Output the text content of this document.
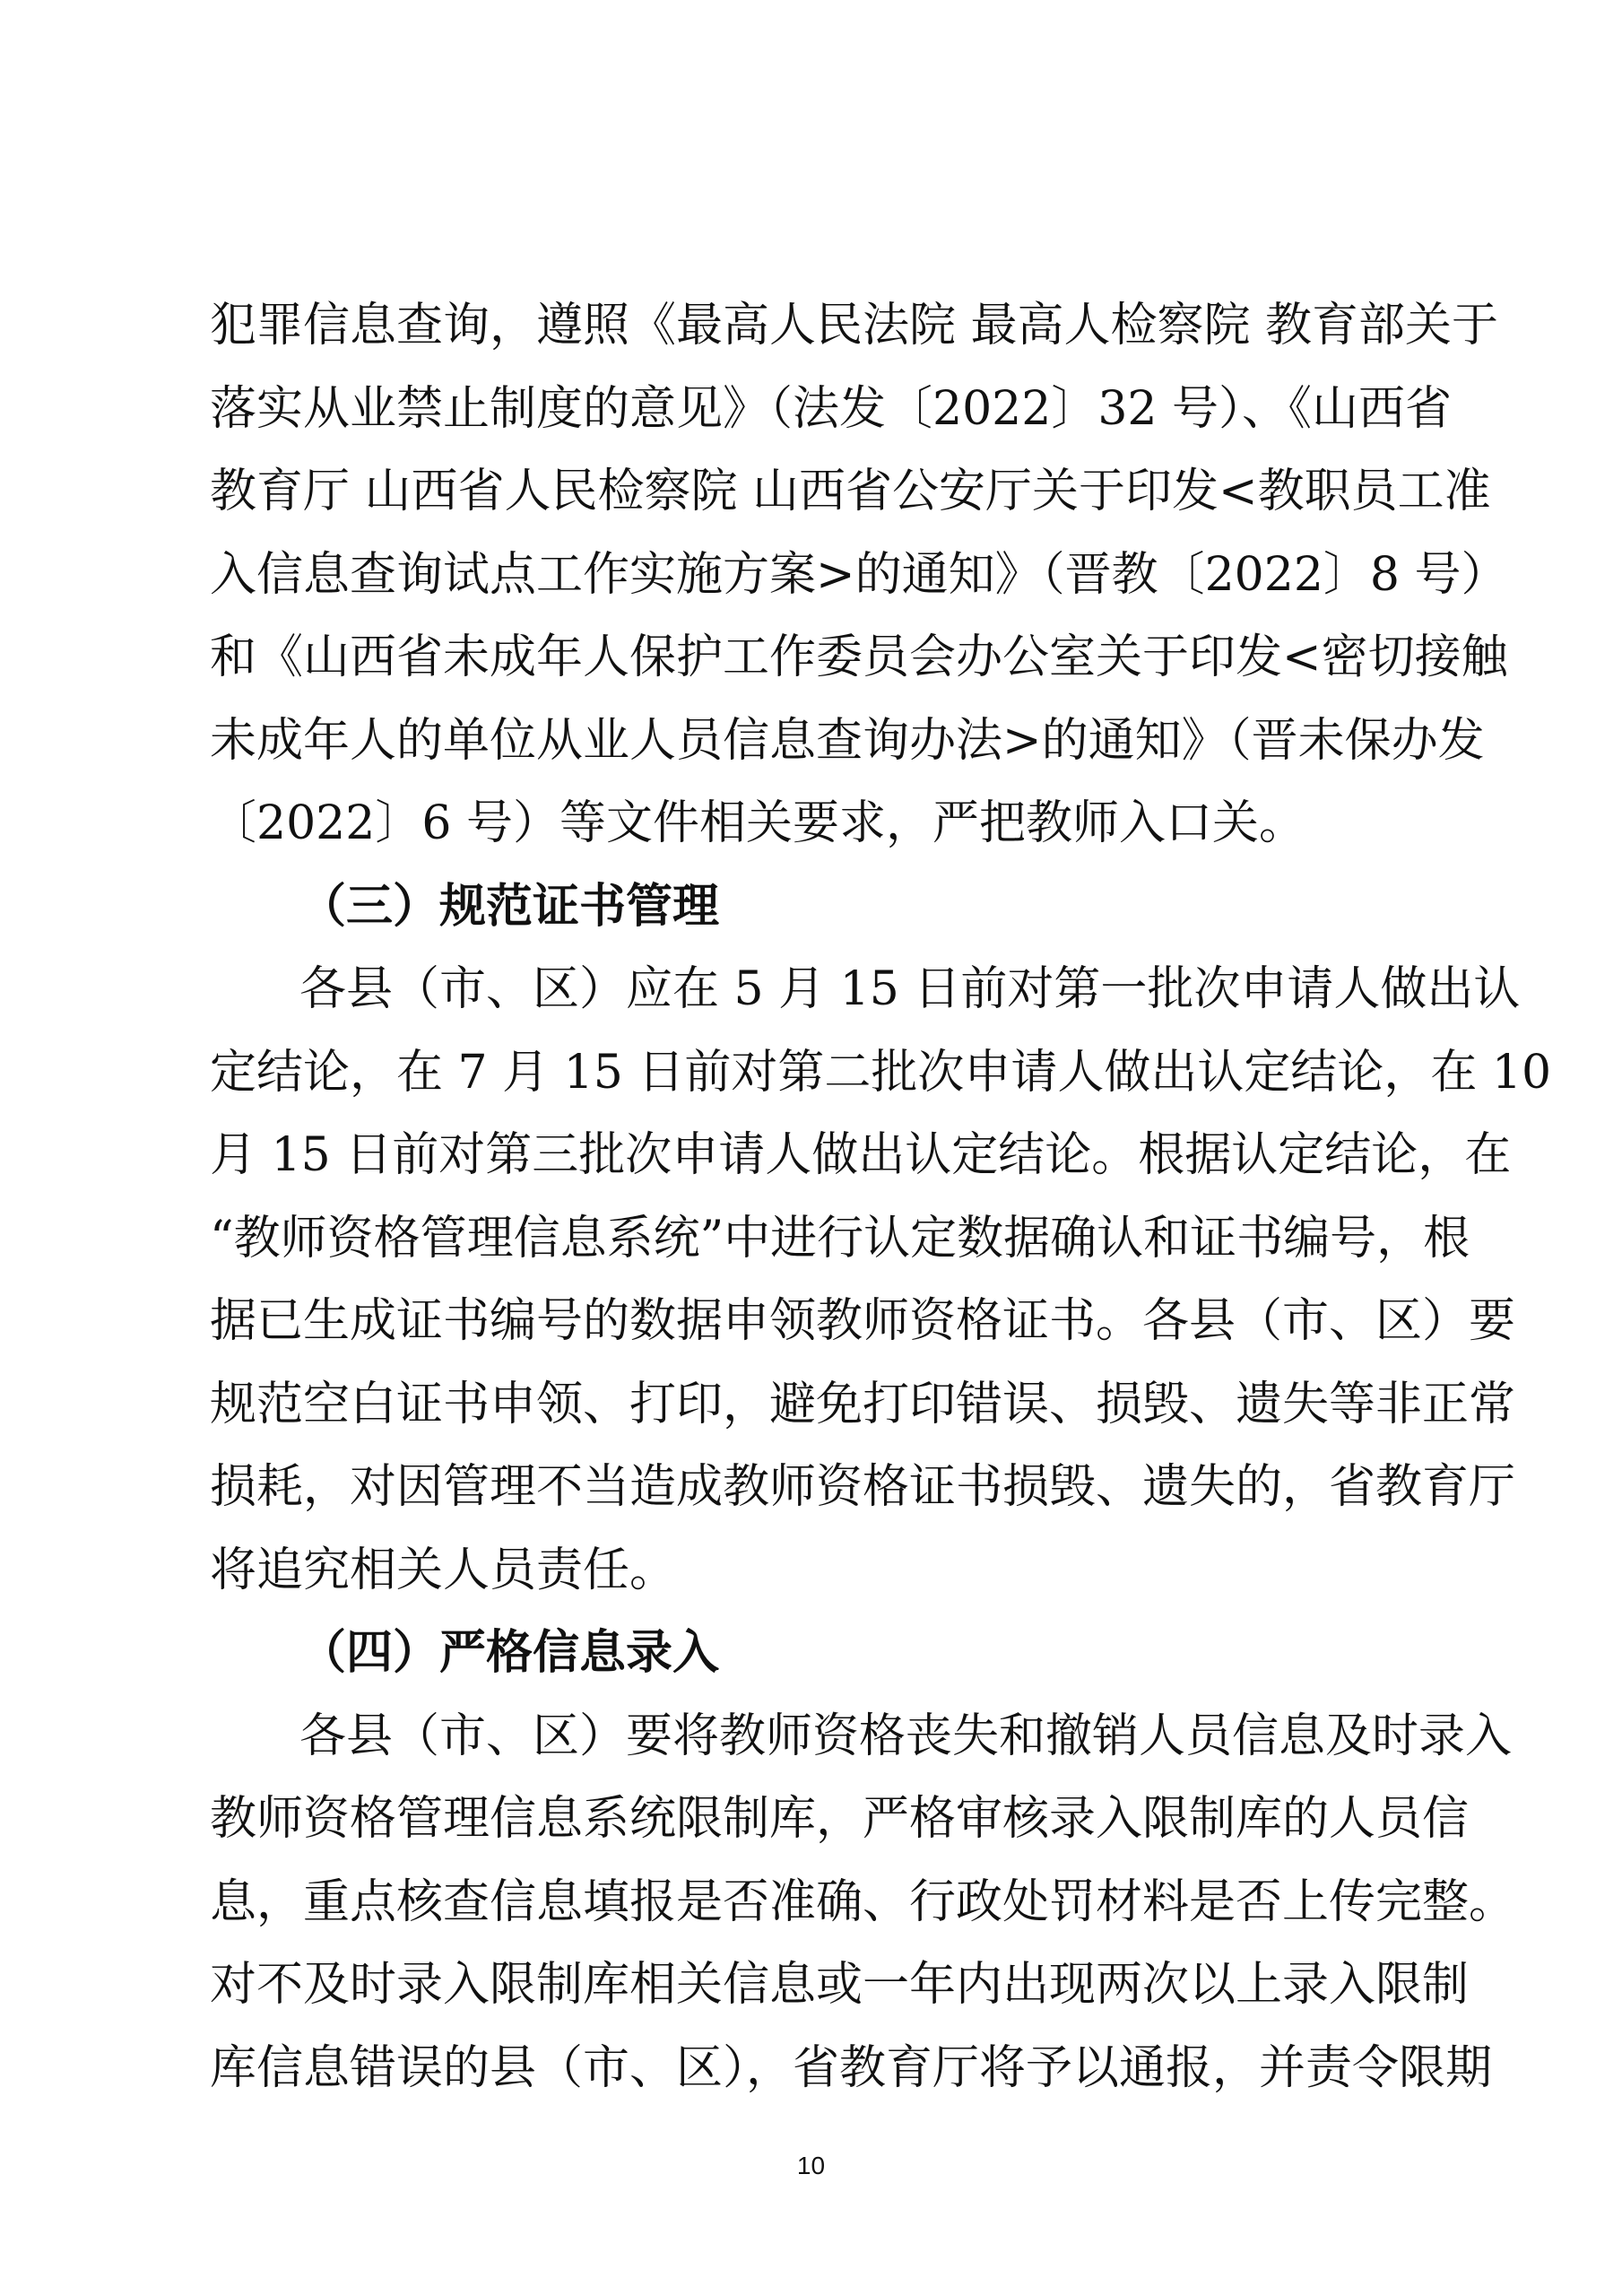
犯罪信息查询，遵照《最高人民法院 最高人检察院 教育部关于
落实从业禁止制度的意见》（法发〔2022〕32 号）、《山西省
教育厅 山西省人民检察院 山西省公安厅关于印发<教职员工准
入信息查询试点工作实施方案>的通知》（晋教〔2022〕8 号）
和《山西省未成年人保护工作委员会办公室关于印发<密切接触
未成年人的单位从业人员信息查询办法>的通知》（晋未保办发
〔2022〕6 号）等文件相关要求，严把教师入口关。
（三）规范证书管理
各县（市、区）应在 5 月 15 日前对第一批次申请人做出认
定结论，在 7 月 15 日前对第二批次申请人做出认定结论，在 10
月 15 日前对第三批次申请人做出认定结论。根据认定结论，在
“教师资格管理信息系统”中进行认定数据确认和证书编号，根
据已生成证书编号的数据申领教师资格证书。各县（市、区）要
规范空白证书申领、打印，避免打印错误、损毁、遗失等非正常
损耗，对因管理不当造成教师资格证书损毁、遗失的，省教育厅
将追究相关人员责任。
（四）严格信息录入
各县（市、区）要将教师资格丧失和撤销人员信息及时录入
教师资格管理信息系统限制库，严格审核录入限制库的人员信
息，重点核查信息填报是否准确、行政处罚材料是否上传完整。
10
对不及时录入限制库相关信息或一年内出现两次以上录入限制
库信息错误的县（市、区），省教育厅将予以通报，并责令限期
